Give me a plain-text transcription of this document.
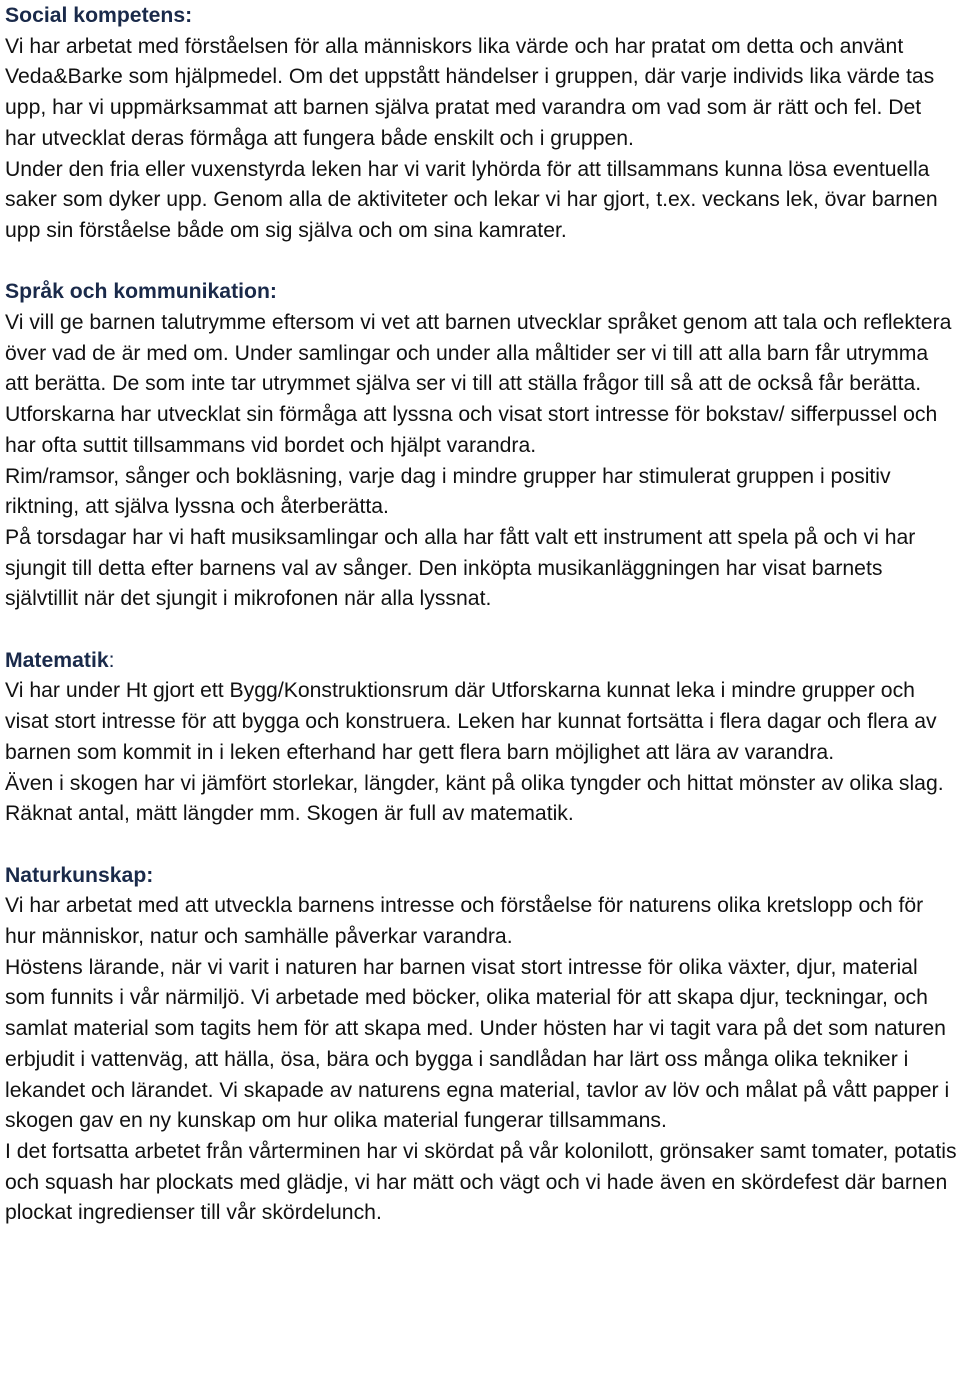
Social kompetens:

Vi har arbetat med förståelsen för alla människors lika värde och har pratat om detta och använt Veda&Barke som hjälpmedel. Om det uppstått händelser i gruppen, där varje individs lika värde tas upp, har vi uppmärksammat att barnen själva pratat med varandra om vad som är rätt och fel. Det har utvecklat deras förmåga att fungera både enskilt och i gruppen.

Under den fria eller vuxenstyrda leken har vi varit lyhörda för att tillsammans kunna lösa eventuella saker som dyker upp. Genom alla de aktiviteter och lekar vi har gjort, t.ex. veckans lek, övar barnen upp sin förståelse både om sig själva och om sina kamrater.

Språk och kommunikation:

Vi vill ge barnen talutrymme eftersom vi vet att barnen utvecklar språket genom att tala och reflektera över vad de är med om. Under samlingar och under alla måltider ser vi till att alla barn får utrymma att berätta. De som inte tar utrymmet själva ser vi till att ställa frågor till så att de också får berätta.

Utforskarna har utvecklat sin förmåga att lyssna och visat stort intresse för bokstav/ sifferpussel och har ofta suttit tillsammans vid bordet och hjälpt varandra.

Rim/ramsor, sånger och bokläsning, varje dag i mindre grupper har stimulerat gruppen i positiv riktning, att själva lyssna och återberätta.

På torsdagar har vi haft musiksamlingar och alla har fått valt ett instrument att spela på och vi har sjungit till detta efter barnens val av sånger. Den inköpta musikanläggningen har visat barnets självtillit när det sjungit i mikrofonen när alla lyssnat.

Matematik:

Vi har under Ht gjort ett Bygg/Konstruktionsrum där Utforskarna kunnat leka i mindre grupper och visat stort intresse för att bygga och konstruera. Leken har kunnat fortsätta i flera dagar och flera av barnen som kommit in i leken efterhand har gett flera barn möjlighet att lära av varandra.

Även i skogen har vi jämfört storlekar, längder, känt på olika tyngder och hittat mönster av olika slag. Räknat antal, mätt längder mm. Skogen är full av matematik.

Naturkunskap:

Vi har arbetat med att utveckla barnens intresse och förståelse för naturens olika kretslopp och för hur människor, natur och samhälle påverkar varandra.

Höstens lärande, när vi varit i naturen har barnen visat stort intresse för olika växter, djur, material som funnits i vår närmiljö. Vi arbetade med böcker, olika material för att skapa djur, teckningar, och samlat material som tagits hem för att skapa med. Under hösten har vi tagit vara på det som naturen erbjudit i vattenväg, att hälla, ösa, bära och bygga i sandlådan har lärt oss många olika tekniker i lekandet och lärandet. Vi skapade av naturens egna material, tavlor av löv och målat på vått papper i skogen gav en ny kunskap om hur olika material fungerar tillsammans.

I det fortsatta arbetet från vårterminen har vi skördat på vår kolonilott, grönsaker samt tomater, potatis och squash har plockats med glädje, vi har mätt och vägt och vi hade även en skördefest där barnen plockat ingredienser till vår skördelunch.
